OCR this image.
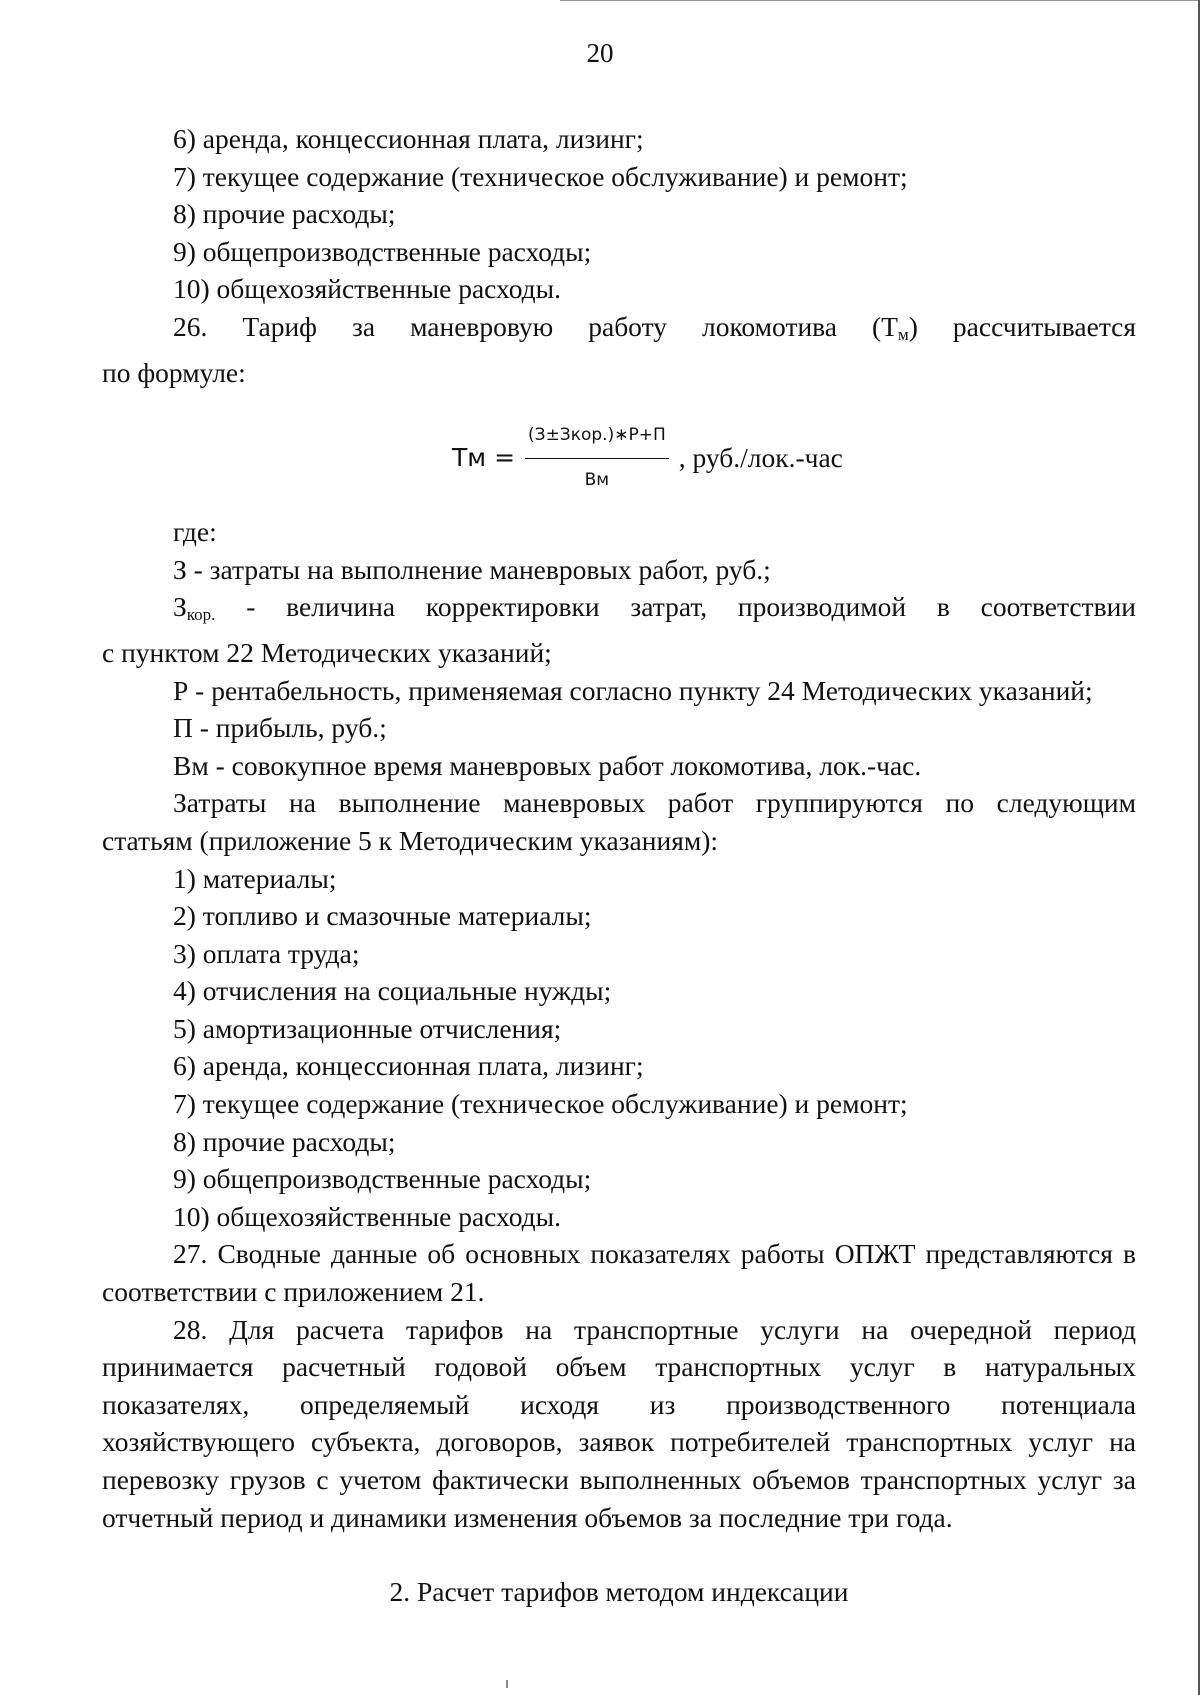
20

6) аренда, концессионная плата, лизинг;

7) текущее содержание (техническое обслуживание) и ремонт;

8) прочие расходы;

9) общепроизводственные расходы;

10) общехозяйственные расходы.

26. Тариф за маневровую работу локомотива $(Т_м)$ рассчитывается

по формуле:

Тм = $\frac{\text{(З±Зкор.)∗Р+П}}{Вм}$ , руб./лок.-час

где:

З - затраты на выполнение маневровых работ, руб.;

$З_{кор.}$ - величина корректировки затрат, производимой в соответствии

с пунктом 22 Методических указаний;

Р - рентабельность, применяемая согласно пункту 24 Методических указаний;

П - прибыль, руб.;

Вм - совокупное время маневровых работ локомотива, лок.-час.

Затраты на выполнение маневровых работ группируются по следующим

статьям (приложение 5 к Методическим указаниям):

1) материалы;

2) топливо и смазочные материалы;

3) оплата труда;

4) отчисления на социальные нужды;

5) амортизационные отчисления;

6) аренда, концессионная плата, лизинг;

7) текущее содержание (техническое обслуживание) и ремонт;

8) прочие расходы;

9) общепроизводственные расходы;

10) общехозяйственные расходы.

27. Сводные данные об основных показателях работы ОПЖТ представляются в

соответствии с приложением 21.

28. Для расчета тарифов на транспортные услуги на очередной период

принимается расчетный годовой объем транспортных услуг в натуральных

показателях, определяемый исходя из производственного потенциала

хозяйствующего субъекта, договоров, заявок потребителей транспортных услуг на

перевозку грузов с учетом фактически выполненных объемов транспортных услуг за

отчетный период и динамики изменения объемов за последние три года.

2. Расчет тарифов методом индексации
